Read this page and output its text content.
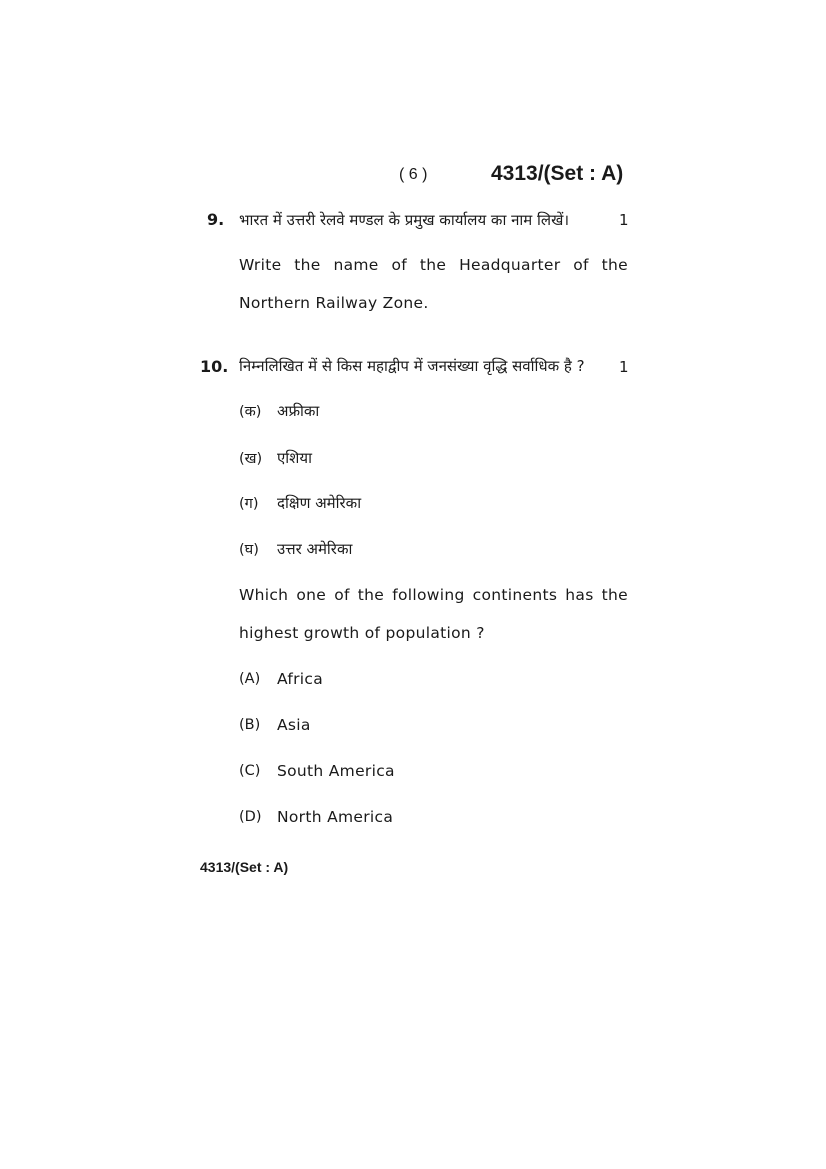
( 6 )	4313/(Set : A)
9. भारत में उत्तरी रेलवे मण्डल के प्रमुख कार्यालय का नाम लिखें।	1
Write the name of the Headquarter of the
Northern Railway Zone.
10. निम्नलिखित में से किस महाद्वीप में जनसंख्या वृद्धि सर्वाधिक है ? 1
(क) अफ्रीका
(ख) एशिया
(ग) दक्षिण अमेरिका
(घ) उत्तर अमेरिका
Which one of the following continents has the
highest growth of population ?
(A) Africa
(B) Asia
(C) South America
(D) North America
4313/(Set : A)
